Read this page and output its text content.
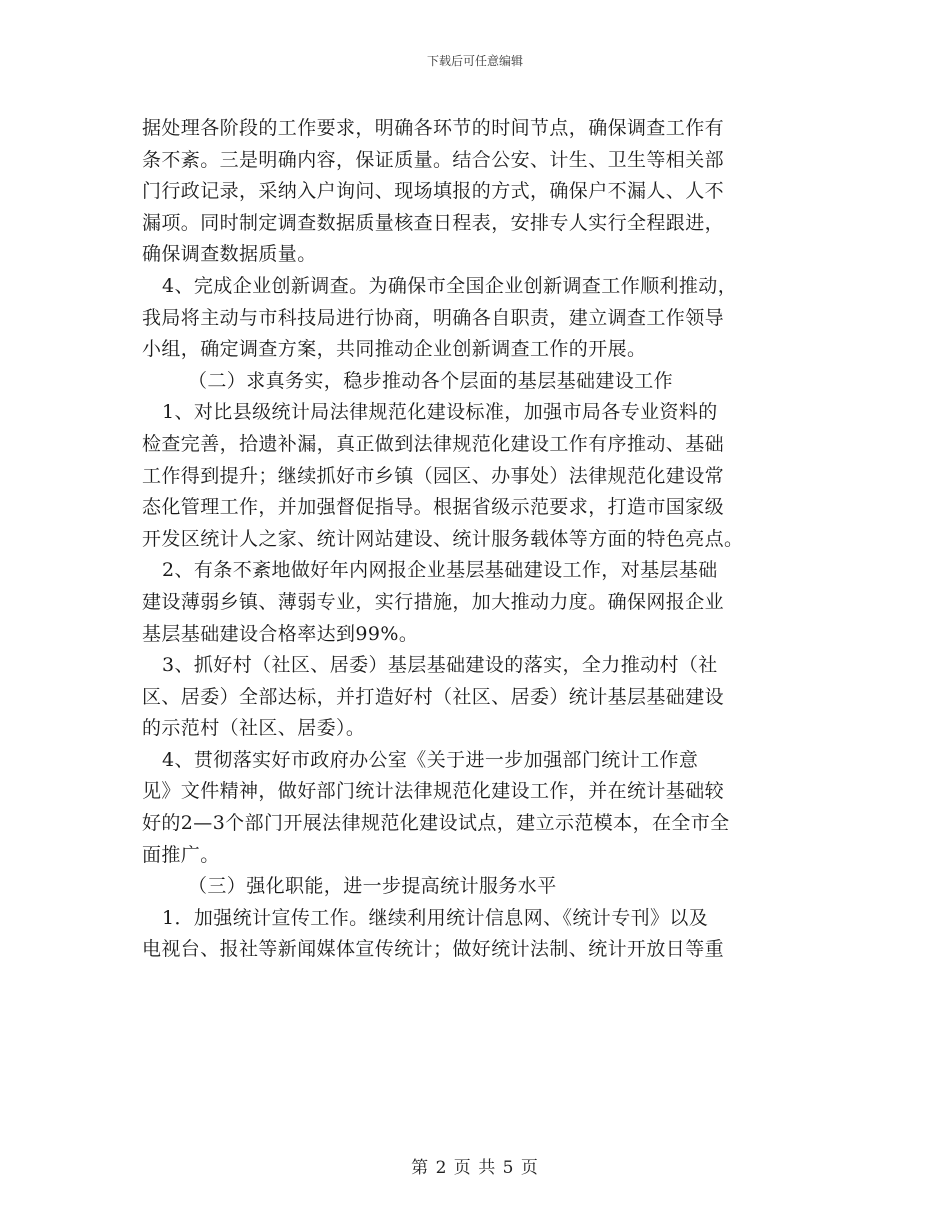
下载后可任意编辑
据处理各阶段的工作要求，明确各环节的时间节点，确保调查工作有
条不紊。三是明确内容，保证质量。结合公安、计生、卫生等相关部
门行政记录，采纳入户询问、现场填报的方式，确保户不漏人、人不
漏项。同时制定调查数据质量核查日程表，安排专人实行全程跟进，
确保调查数据质量。
4、完成企业创新调查。为确保市全国企业创新调查工作顺利推动，
我局将主动与市科技局进行协商，明确各自职责，建立调查工作领导
小组，确定调查方案，共同推动企业创新调查工作的开展。
（二）求真务实，稳步推动各个层面的基层基础建设工作
1、对比县级统计局法律规范化建设标准，加强市局各专业资料的
检查完善，拾遗补漏，真正做到法律规范化建设工作有序推动、基础
工作得到提升；继续抓好市乡镇（园区、办事处）法律规范化建设常
态化管理工作，并加强督促指导。根据省级示范要求，打造市国家级
开发区统计人之家、统计网站建设、统计服务载体等方面的特色亮点。
2、有条不紊地做好年内网报企业基层基础建设工作，对基层基础
建设薄弱乡镇、薄弱专业，实行措施，加大推动力度。确保网报企业
基层基础建设合格率达到99%。
3、抓好村（社区、居委）基层基础建设的落实，全力推动村（社
区、居委）全部达标，并打造好村（社区、居委）统计基层基础建设
的示范村（社区、居委）。
4、贯彻落实好市政府办公室《关于进一步加强部门统计工作意
见》文件精神，做好部门统计法律规范化建设工作，并在统计基础较
好的2—3个部门开展法律规范化建设试点，建立示范模本，在全市全
面推广。
（三）强化职能，进一步提高统计服务水平
1．加强统计宣传工作。继续利用统计信息网、《统计专刊》以及
电视台、报社等新闻媒体宣传统计；做好统计法制、统计开放日等重
第 2 页 共 5 页
